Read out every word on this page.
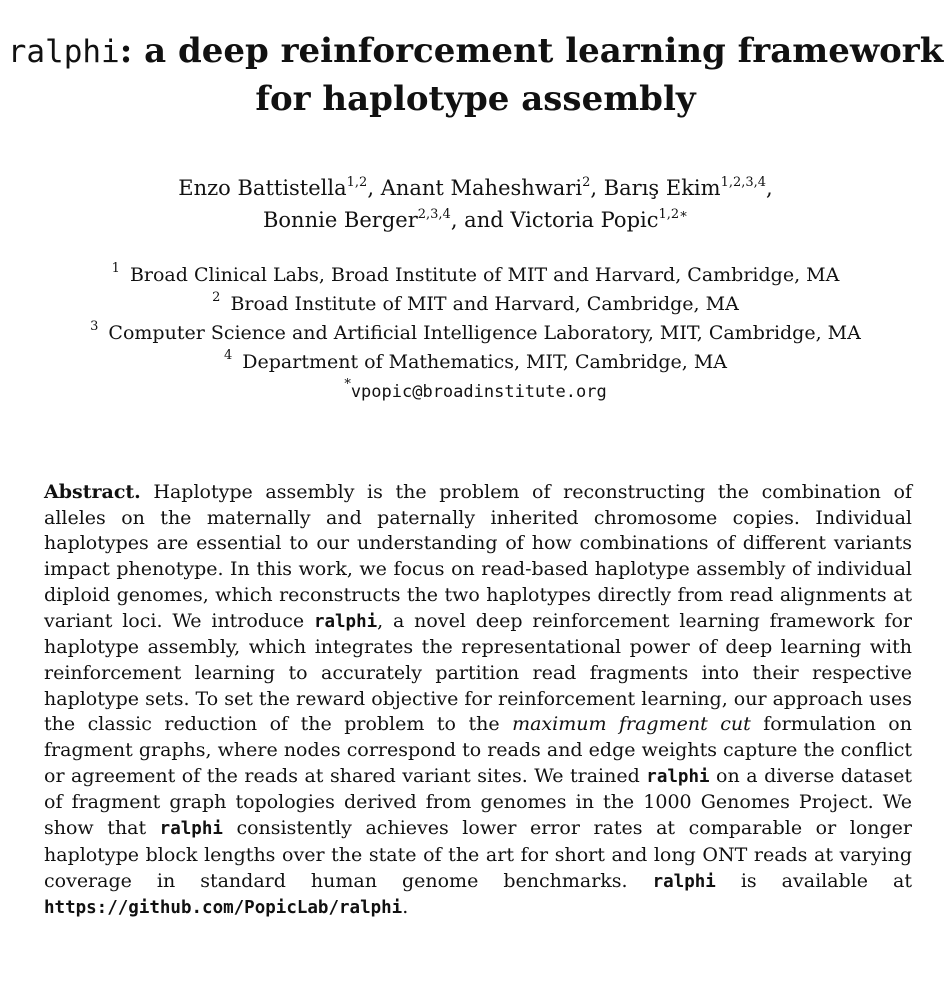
ralphi: a deep reinforcement learning framework for haplotype assembly
Enzo Battistella$^{1,2}$, Anant Maheshwari$^2$, Barış Ekim$^{1,2,3,4}$,
Bonnie Berger$^{2,3,4}$, and Victoria Popic$^{1,2∗}$
$^1$ Broad Clinical Labs, Broad Institute of MIT and Harvard, Cambridge, MA
$^2$ Broad Institute of MIT and Harvard, Cambridge, MA
$^3$ Computer Science and Artificial Intelligence Laboratory, MIT, Cambridge, MA
$^4$ Department of Mathematics, MIT, Cambridge, MA
*vpopic@broadinstitute.org
Abstract. Haplotype assembly is the problem of reconstructing the combination of alleles on the maternally and paternally inherited chromosome copies. Individual haplotypes are essential to our understanding of how combinations of different variants impact phenotype. In this work, we focus on read-based haplotype assembly of individual diploid genomes, which reconstructs the two haplotypes directly from read alignments at variant loci. We introduce ralphi, a novel deep reinforcement learning framework for haplotype assembly, which integrates the representational power of deep learning with reinforcement learning to accurately partition read fragments into their respective haplotype sets. To set the reward objective for reinforcement learning, our approach uses the classic reduction of the problem to the maximum fragment cut formulation on fragment graphs, where nodes correspond to reads and edge weights capture the conflict or agreement of the reads at shared variant sites. We trained ralphi on a diverse dataset of fragment graph topologies derived from genomes in the 1000 Genomes Project. We show that ralphi consistently achieves lower error rates at comparable or longer haplotype block lengths over the state of the art for short and long ONT reads at varying coverage in standard human genome benchmarks. ralphi is available at https://github.com/PopicLab/ralphi.
